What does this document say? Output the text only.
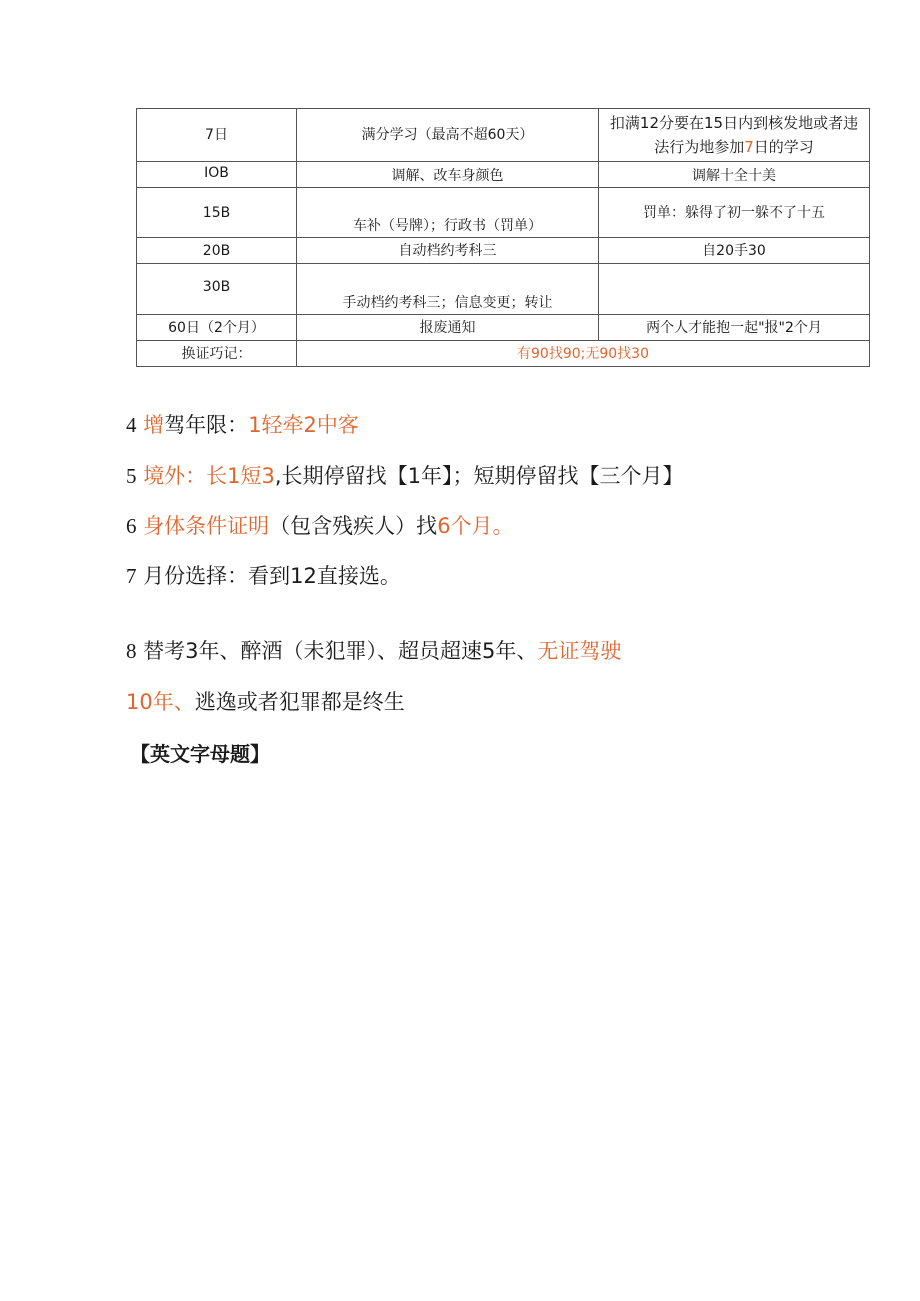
7日	满分学习（最高不超60天）	扣满12分要在15日内到核发地或者违
法行为地参加7日的学习
IOB	调解、改车身颜色	调解十全十美
15B	车补（号牌）；行政书（罚单）	罚单：躲得了初一躲不了十五
20B	自动档约考科三	自20手30
30B	手动档约考科三；信息变更；转让	
60日（2个月）	报废通知	两个人才能抱一起"报"2个月
换证巧记：	有90找90;无90找30	
4 增驾年限：1轻牵2中客
5 境外：长1短3,长期停留找【1年】；短期停留找【三个月】
6 身体条件证明（包含残疾人）找6个月。
7 月份选择：看到12直接选。
8 替考3年、醉酒（未犯罪）、超员超速5年、无证驾驶
10年、逃逸或者犯罪都是终生
【英文字母题】
